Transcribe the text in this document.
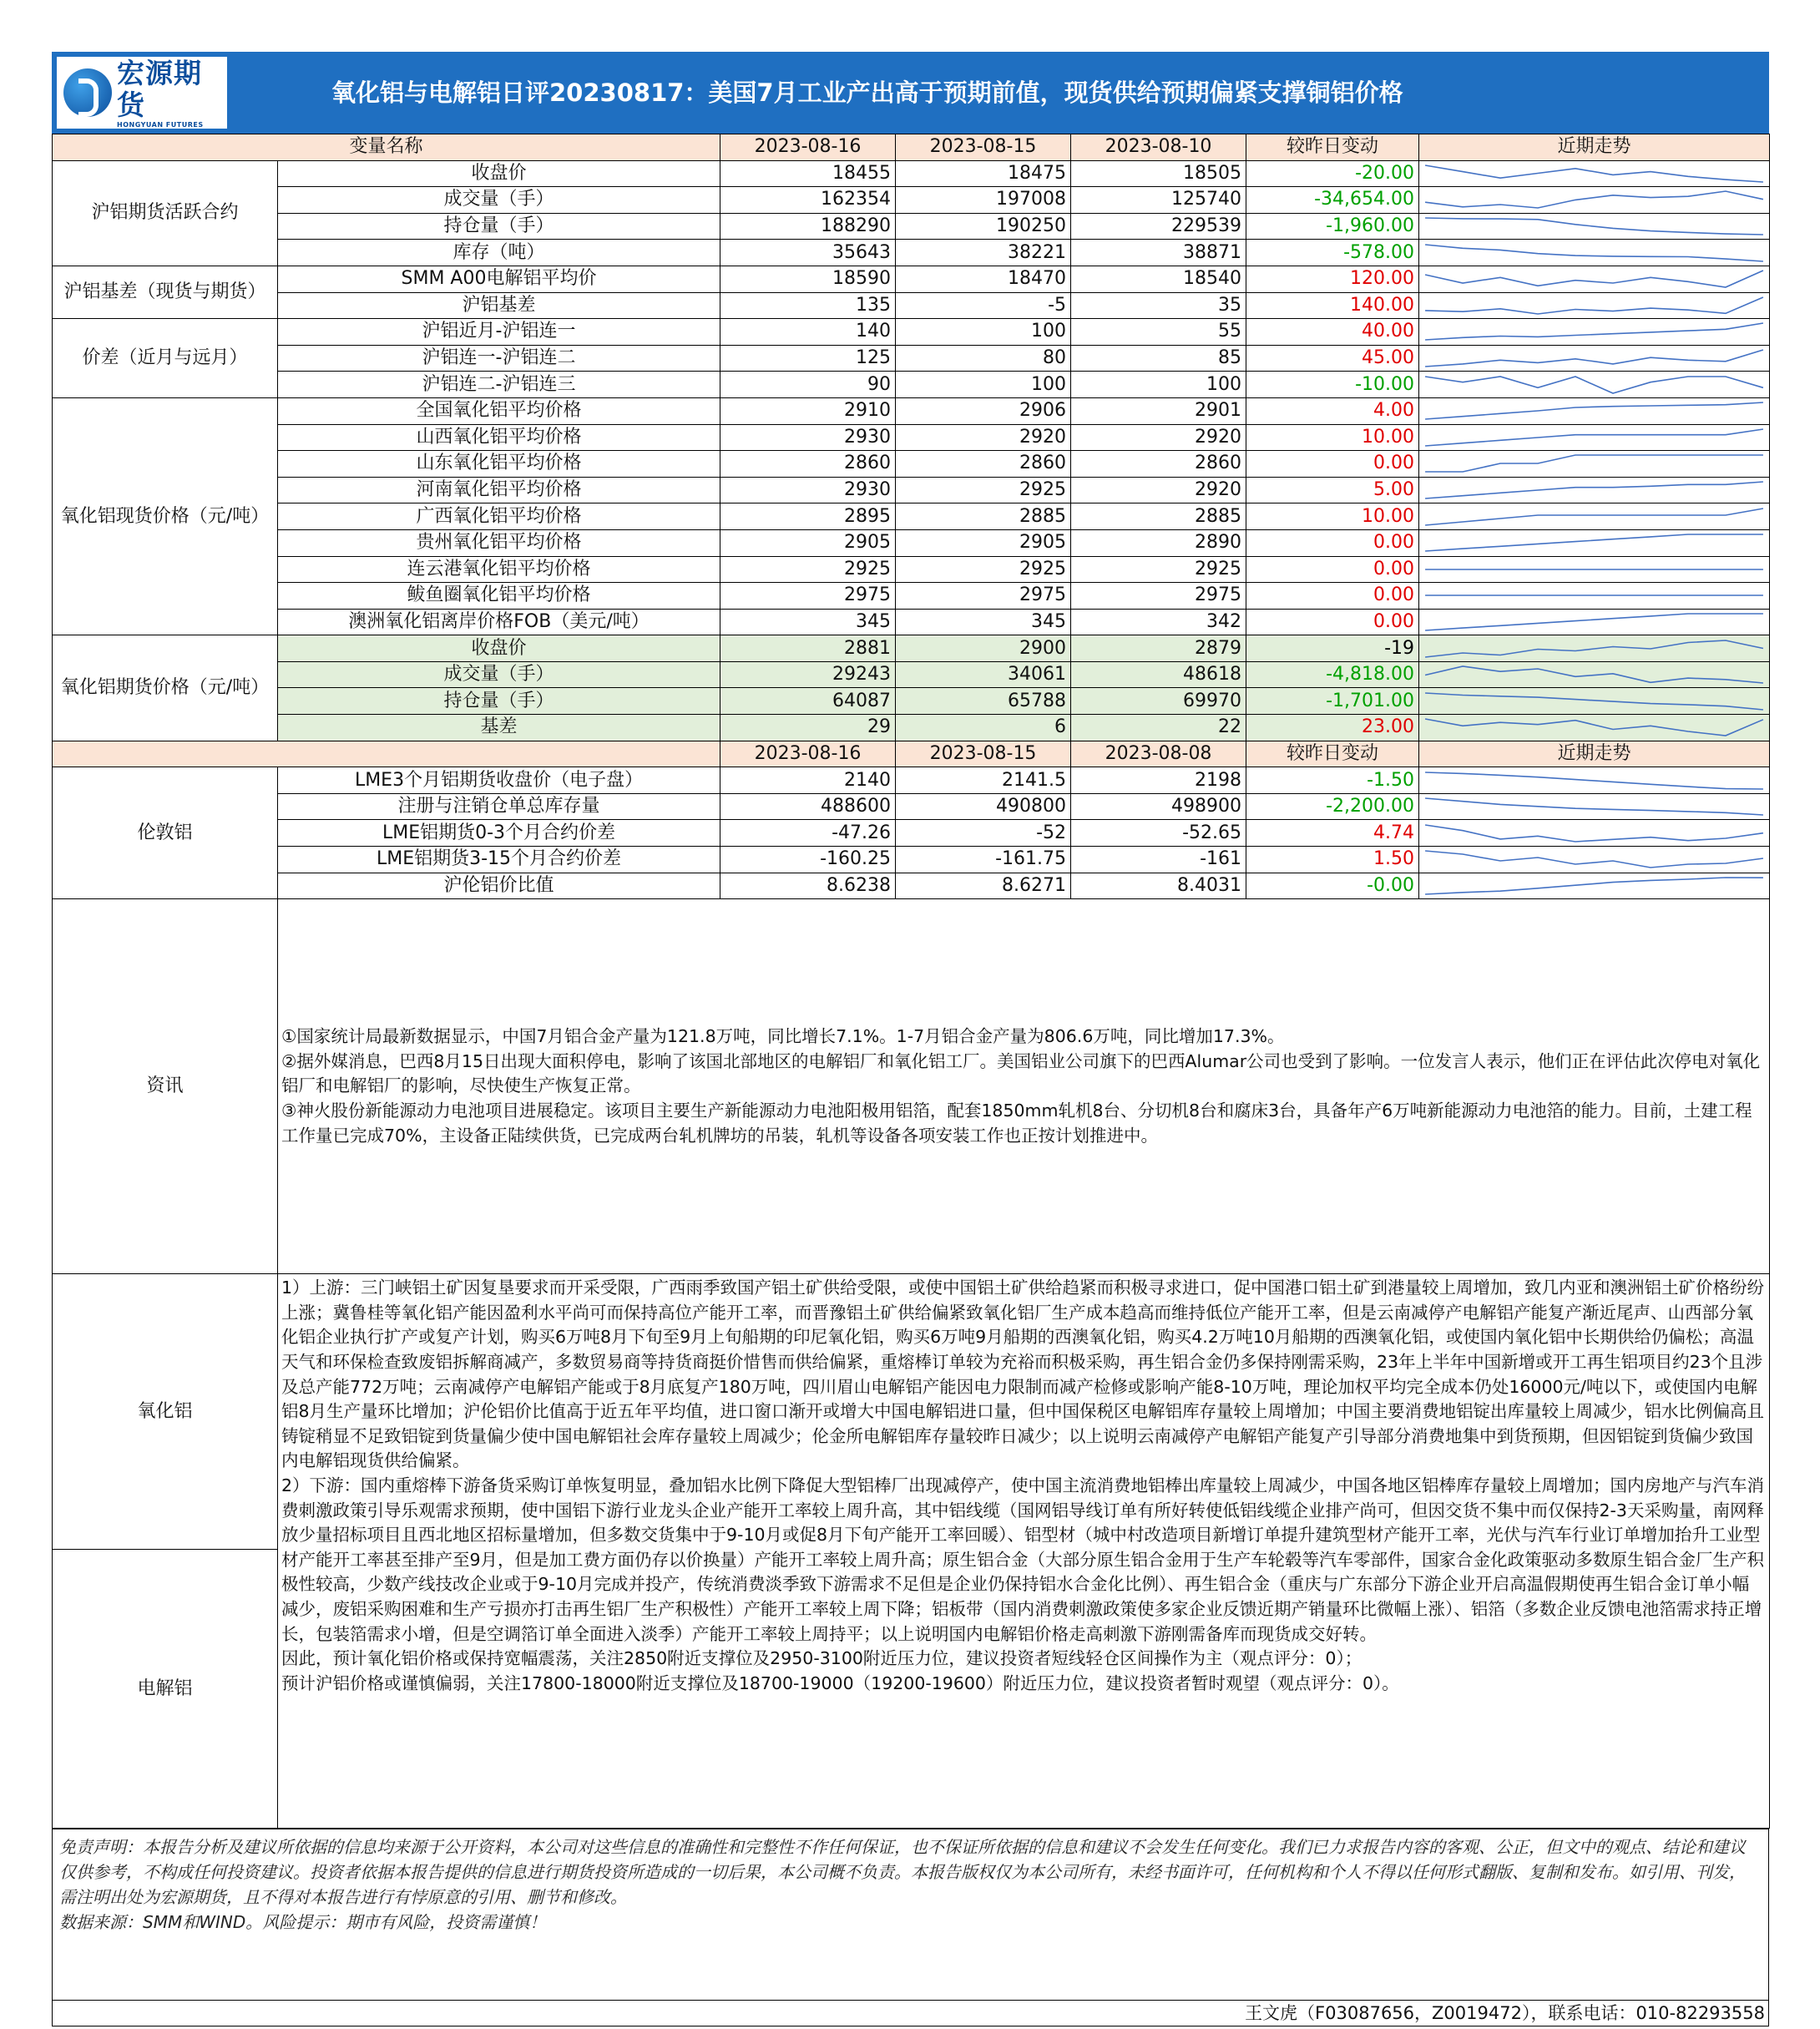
宏源期货
HONGYUAN FUTURES
氧化铝与电解铝日评20230817：美国7月工业产出高于预期前值，现货供给预期偏紧支撑铜铝价格
变量名称		2023-08-16	2023-08-15	2023-08-10	较昨日变动	近期走势
沪铝期货活跃合约	收盘价	18455	18475	18505	-20.00	

	成交量（手）	162354	197008	125740	-34,654.00	

	持仓量（手）	188290	190250	229539	-1,960.00	

	库存（吨）	35643	38221	38871	-578.00	

沪铝基差（现货与期货）	SMM A00电解铝平均价	18590	18470	18540	120.00	

	沪铝基差	135	-5	35	140.00	

价差（近月与远月）	沪铝近月-沪铝连一	140	100	55	40.00	

	沪铝连一-沪铝连二	125	80	85	45.00	

	沪铝连二-沪铝连三	90	100	100	-10.00	

氧化铝现货价格（元/吨）	全国氧化铝平均价格	2910	2906	2901	4.00	

	山西氧化铝平均价格	2930	2920	2920	10.00	

	山东氧化铝平均价格	2860	2860	2860	0.00	

	河南氧化铝平均价格	2930	2925	2920	5.00	

	广西氧化铝平均价格	2895	2885	2885	10.00	

	贵州氧化铝平均价格	2905	2905	2890	0.00	

	连云港氧化铝平均价格	2925	2925	2925	0.00	

	鲅鱼圈氧化铝平均价格	2975	2975	2975	0.00	

	澳洲氧化铝离岸价格FOB（美元/吨）	345	345	342	0.00	

氧化铝期货价格（元/吨）	收盘价	2881	2900	2879	-19	

	成交量（手）	29243	34061	48618	-4,818.00	

	持仓量（手）	64087	65788	69970	-1,701.00	

	基差	29	6	22	23.00	

		2023-08-16	2023-08-15	2023-08-08	较昨日变动	近期走势
伦敦铝	LME3个月铝期货收盘价（电子盘）	2140	2141.5	2198	-1.50	

	注册与注销仓单总库存量	488600	490800	498900	-2,200.00	

	LME铝期货0-3个月合约价差	-47.26	-52	-52.65	4.74	

	LME铝期货3-15个月合约价差	-160.25	-161.75	-161	1.50	

	沪伦铝价比值	8.6238	8.6271	8.4031	-0.00	

资讯	①国家统计局最新数据显示，中国7月铝合金产量为121.8万吨，同比增长7.1%。1-7月铝合金产量为806.6万吨，同比增加17.3%。

②据外媒消息，巴西8月15日出现大面积停电，影响了该国北部地区的电解铝厂和氧化铝工厂。美国铝业公司旗下的巴西Alumar公司也受到了影响。一位发言人表示，他们正在评估此次停电对氧化铝厂和电解铝厂的影响，尽快使生产恢复正常。

③神火股份新能源动力电池项目进展稳定。该项目主要生产新能源动力电池阳极用铝箔，配套1850mm轧机8台、分切机8台和腐床3台，具备年产6万吨新能源动力电池箔的能力。目前，土建工程工作量已完成70%，主设备正陆续供货，已完成两台轧机牌坊的吊装，轧机等设备各项安装工作也正按计划推进中。					

氧化铝	1）上游：三门峡铝土矿因复垦要求而开采受限，广西雨季致国产铝土矿供给受限，或使中国铝土矿供给趋紧而积极寻求进口，促中国港口铝土矿到港量较上周增加，致几内亚和澳洲铝土矿价格纷纷上涨；冀鲁桂等氧化铝产能因盈利水平尚可而保持高位产能开工率，而晋豫铝土矿供给偏紧致氧化铝厂生产成本趋高而维持低位产能开工率，但是云南减停产电解铝产能复产渐近尾声、山西部分氧化铝企业执行扩产或复产计划，购买6万吨8月下旬至9月上旬船期的印尼氧化铝，购买6万吨9月船期的西澳氧化铝，购买4.2万吨10月船期的西澳氧化铝，或使国内氧化铝中长期供给仍偏松；高温天气和环保检查致废铝拆解商减产，多数贸易商等持货商挺价惜售而供给偏紧，重熔棒订单较为充裕而积极采购，再生铝合金仍多保持刚需采购，23年上半年中国新增或开工再生铝项目约23个且涉及总产能772万吨；云南减停产电解铝产能或于8月底复产180万吨，四川眉山电解铝产能因电力限制而减产检修或影响产能8-10万吨，理论加权平均完全成本仍处16000元/吨以下，或使国内电解铝8月生产量环比增加；沪伦铝价比值高于近五年平均值，进口窗口渐开或增大中国电解铝进口量，但中国保税区电解铝库存量较上周增加；中国主要消费地铝锭出库量较上周减少，铝水比例偏高且铸锭稍显不足致铝锭到货量偏少使中国电解铝社会库存量较上周减少；伦金所电解铝库存量较昨日减少；以上说明云南减停产电解铝产能复产引导部分消费地集中到货预期，但因铝锭到货偏少致国内电解铝现货供给偏紧。

2）下游：国内重熔棒下游备货采购订单恢复明显，叠加铝水比例下降促大型铝棒厂出现减停产，使中国主流消费地铝棒出库量较上周减少，中国各地区铝棒库存量较上周增加；国内房地产与汽车消费刺激政策引导乐观需求预期，使中国铝下游行业龙头企业产能开工率较上周升高，其中铝线缆（国网铝导线订单有所好转使低铝线缆企业排产尚可，但因交货不集中而仅保持2-3天采购量，南网释放少量招标项目且西北地区招标量增加，但多数交货集中于9-10月或促8月下旬产能开工率回暖）、铝型材（城中村改造项目新增订单提升建筑型材产能开工率，光伏与汽车行业订单增加抬升工业型材产能开工率甚至排产至9月，但是加工费方面仍存以价换量）产能开工率较上周升高；原生铝合金（大部分原生铝合金用于生产车轮毂等汽车零部件，国家合金化政策驱动多数原生铝合金厂生产积极性较高，少数产线技改企业或于9-10月完成并投产，传统消费淡季致下游需求不足但是企业仍保持铝水合金化比例）、再生铝合金（重庆与广东部分下游企业开启高温假期使再生铝合金订单小幅减少，废铝采购困难和生产亏损亦打击再生铝厂生产积极性）产能开工率较上周下降；铝板带（国内消费刺激政策使多家企业反馈近期产销量环比微幅上涨）、铝箔（多数企业反馈电池箔需求持正增长，包装箔需求小增，但是空调箔订单全面进入淡季）产能开工率较上周持平；以上说明国内电解铝价格走高刺激下游刚需备库而现货成交好转。

因此，预计氧化铝价格或保持宽幅震荡，关注2850附近支撑位及2950-3100附近压力位，建议投资者短线轻仓区间操作为主（观点评分：0）；

预计沪铝价格或谨慎偏弱，关注17800-18000附近支撑位及18700-19000（19200-19600）附近压力位，建议投资者暂时观望（观点评分：0）。					

电解铝						
免责声明：本报告分析及建议所依据的信息均来源于公开资料，本公司对这些信息的准确性和完整性不作任何保证，也不保证所依据的信息和建议不会发生任何变化。我们已力求报告内容的客观、公正，但文中的观点、结论和建议仅供参考，不构成任何投资建议。投资者依据本报告提供的信息进行期货投资所造成的一切后果，本公司概不负责。本报告版权仅为本公司所有，未经书面许可，任何机构和个人不得以任何形式翻版、复制和发布。如引用、刊发，需注明出处为宏源期货，且不得对本报告进行有悖原意的引用、删节和修改。
数据来源：SMM和WIND。风险提示：期市有风险，投资需谨慎！
王文虎（F03087656，Z0019472），联系电话：010-82293558
